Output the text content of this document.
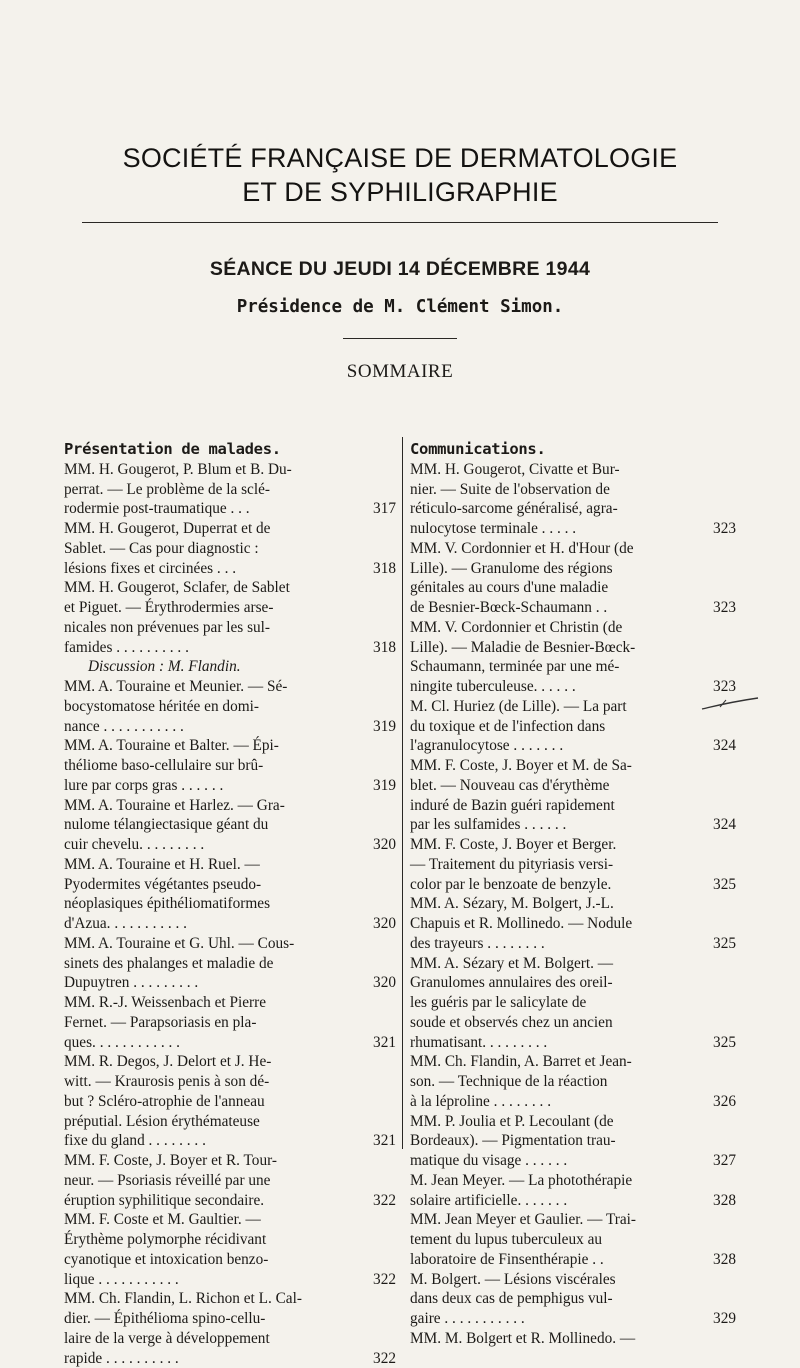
SOCIÉTÉ FRANÇAISE DE DERMATOLOGIE
ET DE SYPHILIGRAPHIE
SÉANCE DU JEUDI 14 DÉCEMBRE 1944
Présidence de M. Clément Simon.
SOMMAIRE
Présentation de malades.
MM. H. Gougerot, P. Blum et B. Du-
perrat. — Le problème de la sclé-
rodermie post-traumatique . . .	317
MM. H. Gougerot, Duperrat et de
Sablet. — Cas pour diagnostic :
lésions fixes et circinées . . .	318
MM. H. Gougerot, Sclafer, de Sablet
et Piguet. — Érythrodermies arse-
nicales non prévenues par les sul-
famides . . . . . . . . . .	318
Discussion : M. Flandin.
MM. A. Touraine et Meunier. — Sé-
bocystomatose héritée en domi-
nance . . . . . . . . . . .	319
MM. A. Touraine et Balter. — Épi-
théliome baso-cellulaire sur brû-
lure par corps gras . . . . . .	319
MM. A. Touraine et Harlez. — Gra-
nulome télangiectasique géant du
cuir chevelu. . . . . . . . .	320
MM. A. Touraine et H. Ruel. —
Pyodermites végétantes pseudo-
néoplasiques épithéliomatiformes
d'Azua. . . . . . . . . . .	320
MM. A. Touraine et G. Uhl. — Cous-
sinets des phalanges et maladie de
Dupuytren . . . . . . . . .	320
MM. R.-J. Weissenbach et Pierre
Fernet. — Parapsoriasis en pla-
ques. . . . . . . . . . . .	321
MM. R. Degos, J. Delort et J. He-
witt. — Kraurosis penis à son dé-
but ? Scléro-atrophie de l'anneau
préputial. Lésion érythémateuse
fixe du gland . . . . . . . .	321
MM. F. Coste, J. Boyer et R. Tour-
neur. — Psoriasis réveillé par une
éruption syphilitique secondaire.	322
MM. F. Coste et M. Gaultier. —
Érythème polymorphe récidivant
cyanotique et intoxication benzo-
lique . . . . . . . . . . .	322
MM. Ch. Flandin, L. Richon et L. Cal-
dier. — Épithélioma spino-cellu-
laire de la verge à développement
rapide . . . . . . . . . .	322
Communications.
MM. H. Gougerot, Civatte et Bur-
nier. — Suite de l'observation de
réticulo-sarcome généralisé, agra-
nulocytose terminale . . . . .	323
MM. V. Cordonnier et H. d'Hour (de
Lille). — Granulome des régions
génitales au cours d'une maladie
de Besnier-Bœck-Schaumann . .	323
MM. V. Cordonnier et Christin (de
Lille). — Maladie de Besnier-Bœck-
Schaumann, terminée par une mé-
ningite tuberculeuse. . . . . .	323
M. Cl. Huriez (de Lille). — La part
du toxique et de l'infection dans
l'agranulocytose . . . . . . .	324
MM. F. Coste, J. Boyer et M. de Sa-
blet. — Nouveau cas d'érythème
induré de Bazin guéri rapidement
par les sulfamides . . . . . .	324
MM. F. Coste, J. Boyer et Berger.
— Traitement du pityriasis versi-
color par le benzoate de benzyle.	325
MM. A. Sézary, M. Bolgert, J.-L.
Chapuis et R. Mollinedo. — Nodule
des trayeurs . . . . . . . .	325
MM. A. Sézary et M. Bolgert. —
Granulomes annulaires des oreil-
les guéris par le salicylate de
soude et observés chez un ancien
rhumatisant. . . . . . . . .	325
MM. Ch. Flandin, A. Barret et Jean-
son. — Technique de la réaction
à la léproline . . . . . . . .	326
MM. P. Joulia et P. Lecoulant (de
Bordeaux). — Pigmentation trau-
matique du visage . . . . . .	327
M. Jean Meyer. — La photothérapie
solaire artificielle. . . . . . .	328
MM. Jean Meyer et Gaulier. — Trai-
tement du lupus tuberculeux au
laboratoire de Finsenthérapie . .	328
M. Bolgert. — Lésions viscérales
dans deux cas de pemphigus vul-
gaire . . . . . . . . . . .	329
MM. M. Bolgert et R. Mollinedo. —
